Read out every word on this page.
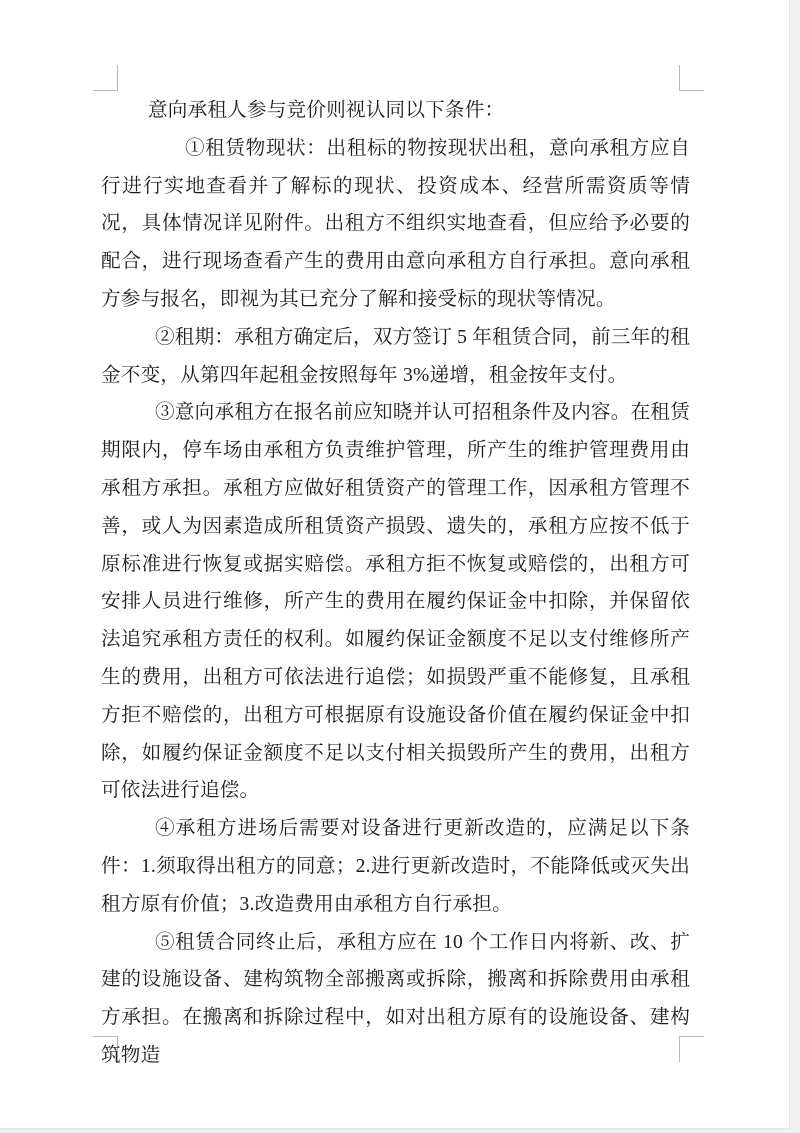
意向承租人参与竞价则视认同以下条件：

①租赁物现状：出租标的物按现状出租，意向承租方应自行进行实地查看并了解标的现状、投资成本、经营所需资质等情况，具体情况详见附件。出租方不组织实地查看，但应给予必要的配合，进行现场查看产生的费用由意向承租方自行承担。意向承租方参与报名，即视为其已充分了解和接受标的现状等情况。

②租期：承租方确定后，双方签订 5 年租赁合同，前三年的租金不变，从第四年起租金按照每年 3%递增，租金按年支付。

③意向承租方在报名前应知晓并认可招租条件及内容。在租赁期限内，停车场由承租方负责维护管理，所产生的维护管理费用由承租方承担。承租方应做好租赁资产的管理工作，因承租方管理不善，或人为因素造成所租赁资产损毁、遗失的，承租方应按不低于原标准进行恢复或据实赔偿。承租方拒不恢复或赔偿的，出租方可安排人员进行维修，所产生的费用在履约保证金中扣除，并保留依法追究承租方责任的权利。如履约保证金额度不足以支付维修所产生的费用，出租方可依法进行追偿；如损毁严重不能修复，且承租方拒不赔偿的，出租方可根据原有设施设备价值在履约保证金中扣除，如履约保证金额度不足以支付相关损毁所产生的费用，出租方可依法进行追偿。

④承租方进场后需要对设备进行更新改造的，应满足以下条件：1.须取得出租方的同意；2.进行更新改造时，不能降低或灭失出租方原有价值；3.改造费用由承租方自行承担。

⑤租赁合同终止后，承租方应在 10 个工作日内将新、改、扩建的设施设备、建构筑物全部搬离或拆除，搬离和拆除费用由承租方承担。在搬离和拆除过程中，如对出租方原有的设施设备、建构筑物造
